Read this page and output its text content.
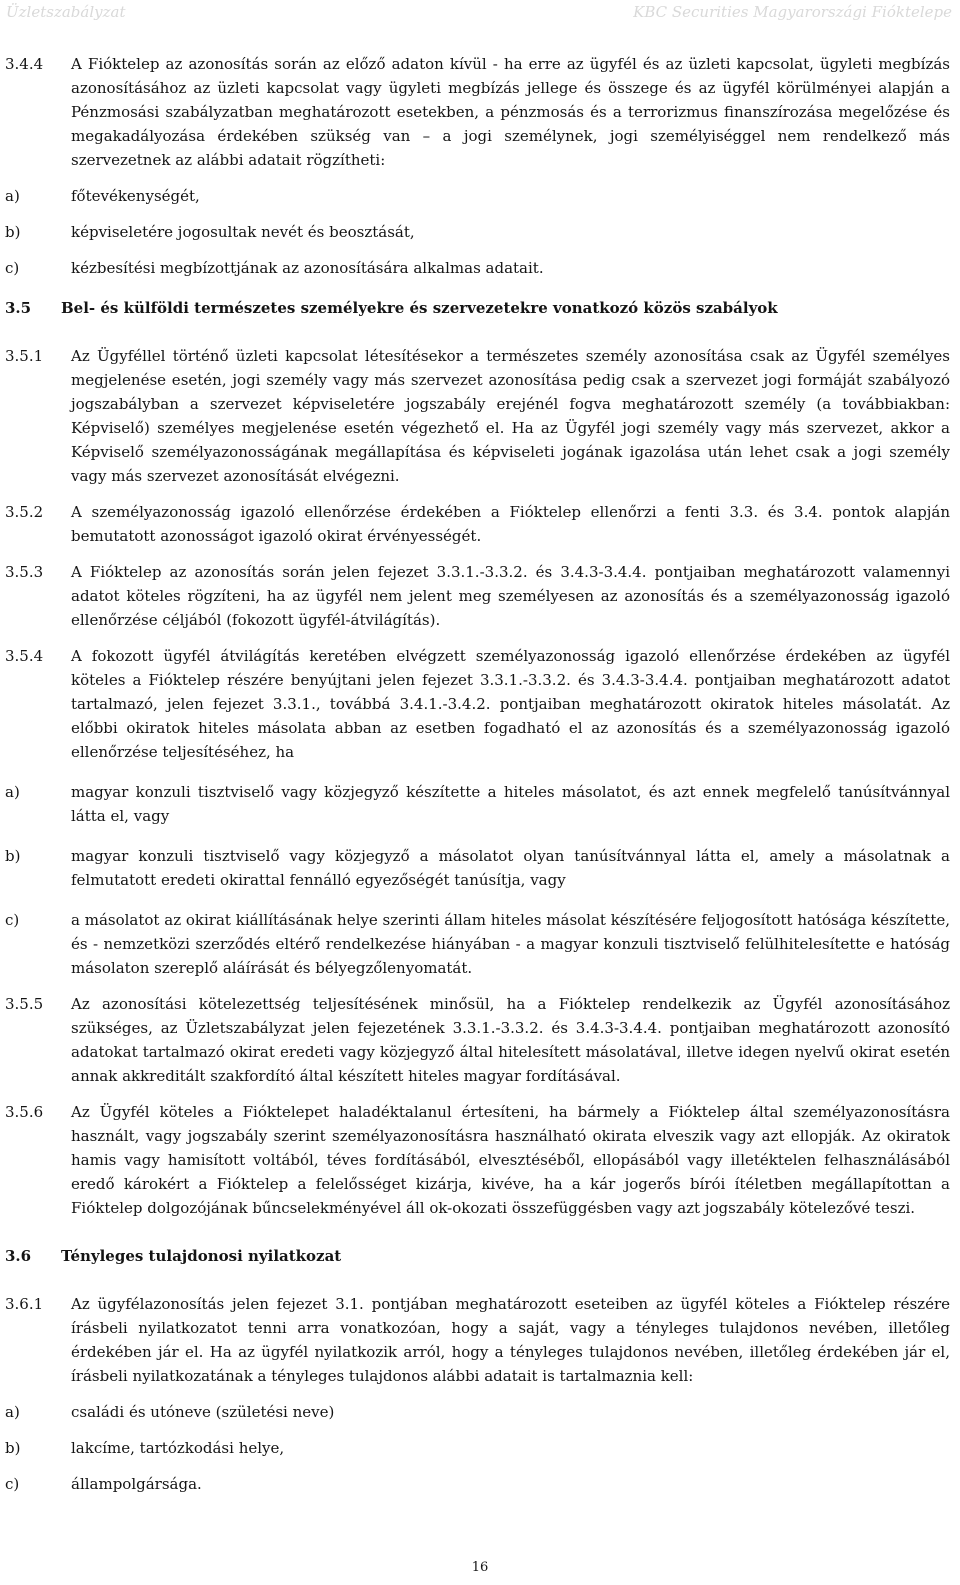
Üzletszabályzat	KBC Securities Magyarországi Fióktelepe
3.4.4	A Fióktelep az azonosítás során az előző adaton kívül - ha erre az ügyfél és az üzleti kapcsolat, ügyleti megbízás azonosításához az üzleti kapcsolat vagy ügyleti megbízás jellege és összege és az ügyfél körülményei alapján a Pénzmosási szabályzatban meghatározott esetekben, a pénzmosás és a terrorizmus finanszírozása megelőzése és megakadályozása érdekében szükség van – a jogi személynek, jogi személyiséggel nem rendelkező más szervezetnek az alábbi adatait rögzítheti:
a)	főtevékenységét,
b)	képviseletére jogosultak nevét és beosztását,
c)	kézbesítési megbízottjának az azonosítására alkalmas adatait.
3.5	Bel- és külföldi természetes személyekre és szervezetekre vonatkozó közös szabályok
3.5.1	Az Ügyféllel történő üzleti kapcsolat létesítésekor a természetes személy azonosítása csak az Ügyfél személyes megjelenése esetén, jogi személy vagy más szervezet azonosítása pedig csak a szervezet jogi formáját szabályozó jogszabályban a szervezet képviseletére jogszabály erejénél fogva meghatározott személy (a továbbiakban: Képviselő) személyes megjelenése esetén végezhető el. Ha az Ügyfél jogi személy vagy más szervezet, akkor a Képviselő személyazonosságának megállapítása és képviseleti jogának igazolása után lehet csak a jogi személy vagy más szervezet azonosítását elvégezni.
3.5.2	A személyazonosság igazoló ellenőrzése érdekében a Fióktelep ellenőrzi a fenti 3.3. és 3.4. pontok alapján bemutatott azonosságot igazoló okirat érvényességét.
3.5.3	A Fióktelep az azonosítás során jelen fejezet 3.3.1.-3.3.2. és 3.4.3-3.4.4. pontjaiban meghatározott valamennyi adatot köteles rögzíteni, ha az ügyfél nem jelent meg személyesen az azonosítás és a személyazonosság igazoló ellenőrzése céljából (fokozott ügyfél-átvilágítás).
3.5.4	A fokozott ügyfél átvilágítás keretében elvégzett személyazonosság igazoló ellenőrzése érdekében az ügyfél köteles a Fióktelep részére benyújtani jelen fejezet 3.3.1.-3.3.2. és 3.4.3-3.4.4. pontjaiban meghatározott adatot tartalmazó, jelen fejezet 3.3.1., továbbá 3.4.1.-3.4.2. pontjaiban meghatározott okiratok hiteles másolatát. Az előbbi okiratok hiteles másolata abban az esetben fogadható el az azonosítás és a személyazonosság igazoló ellenőrzése teljesítéséhez, ha
a)	magyar konzuli tisztviselő vagy közjegyző készítette a hiteles másolatot, és azt ennek megfelelő tanúsítvánnyal látta el, vagy
b)	magyar konzuli tisztviselő vagy közjegyző a másolatot olyan tanúsítvánnyal látta el, amely a másolatnak a felmutatott eredeti okirattal fennálló egyezőségét tanúsítja, vagy
c)	a másolatot az okirat kiállításának helye szerinti állam hiteles másolat készítésére feljogosított hatósága készítette, és - nemzetközi szerződés eltérő rendelkezése hiányában - a magyar konzuli tisztviselő felülhitelesítette e hatóság másolaton szereplő aláírását és bélyegzőlenyomatát.
3.5.5	Az azonosítási kötelezettség teljesítésének minősül, ha a Fióktelep rendelkezik az Ügyfél azonosításához szükséges, az Üzletszabályzat jelen fejezetének 3.3.1.-3.3.2. és 3.4.3-3.4.4. pontjaiban meghatározott azonosító adatokat tartalmazó okirat eredeti vagy közjegyző által hitelesített másolatával, illetve idegen nyelvű okirat esetén annak akkreditált szakfordító által készített hiteles magyar fordításával.
3.5.6	Az Ügyfél köteles a Fióktelepet haladéktalanul értesíteni, ha bármely a Fióktelep által személyazonosításra használt, vagy jogszabály szerint személyazonosításra használható okirata elveszik vagy azt ellopják. Az okiratok hamis vagy hamisított voltából, téves fordításából, elvesztéséből, ellopásából vagy illetéktelen felhasználásából eredő károkért a Fióktelep a felelősséget kizárja, kivéve, ha a kár jogerős bírói ítéletben megállapítottan a Fióktelep dolgozójának bűncselekményével áll ok-okozati összefüggésben vagy azt jogszabály kötelezővé teszi.
3.6	Tényleges tulajdonosi nyilatkozat
3.6.1	Az ügyfélazonosítás jelen fejezet 3.1. pontjában meghatározott eseteiben az ügyfél köteles a Fióktelep részére írásbeli nyilatkozatot tenni arra vonatkozóan, hogy a saját, vagy a tényleges tulajdonos nevében, illetőleg érdekében jár el. Ha az ügyfél nyilatkozik arról, hogy a tényleges tulajdonos nevében, illetőleg érdekében jár el, írásbeli nyilatkozatának a tényleges tulajdonos alábbi adatait is tartalmaznia kell:
a)	családi és utóneve (születési neve)
b)	lakcíme, tartózkodási helye,
c)	állampolgársága.
16
